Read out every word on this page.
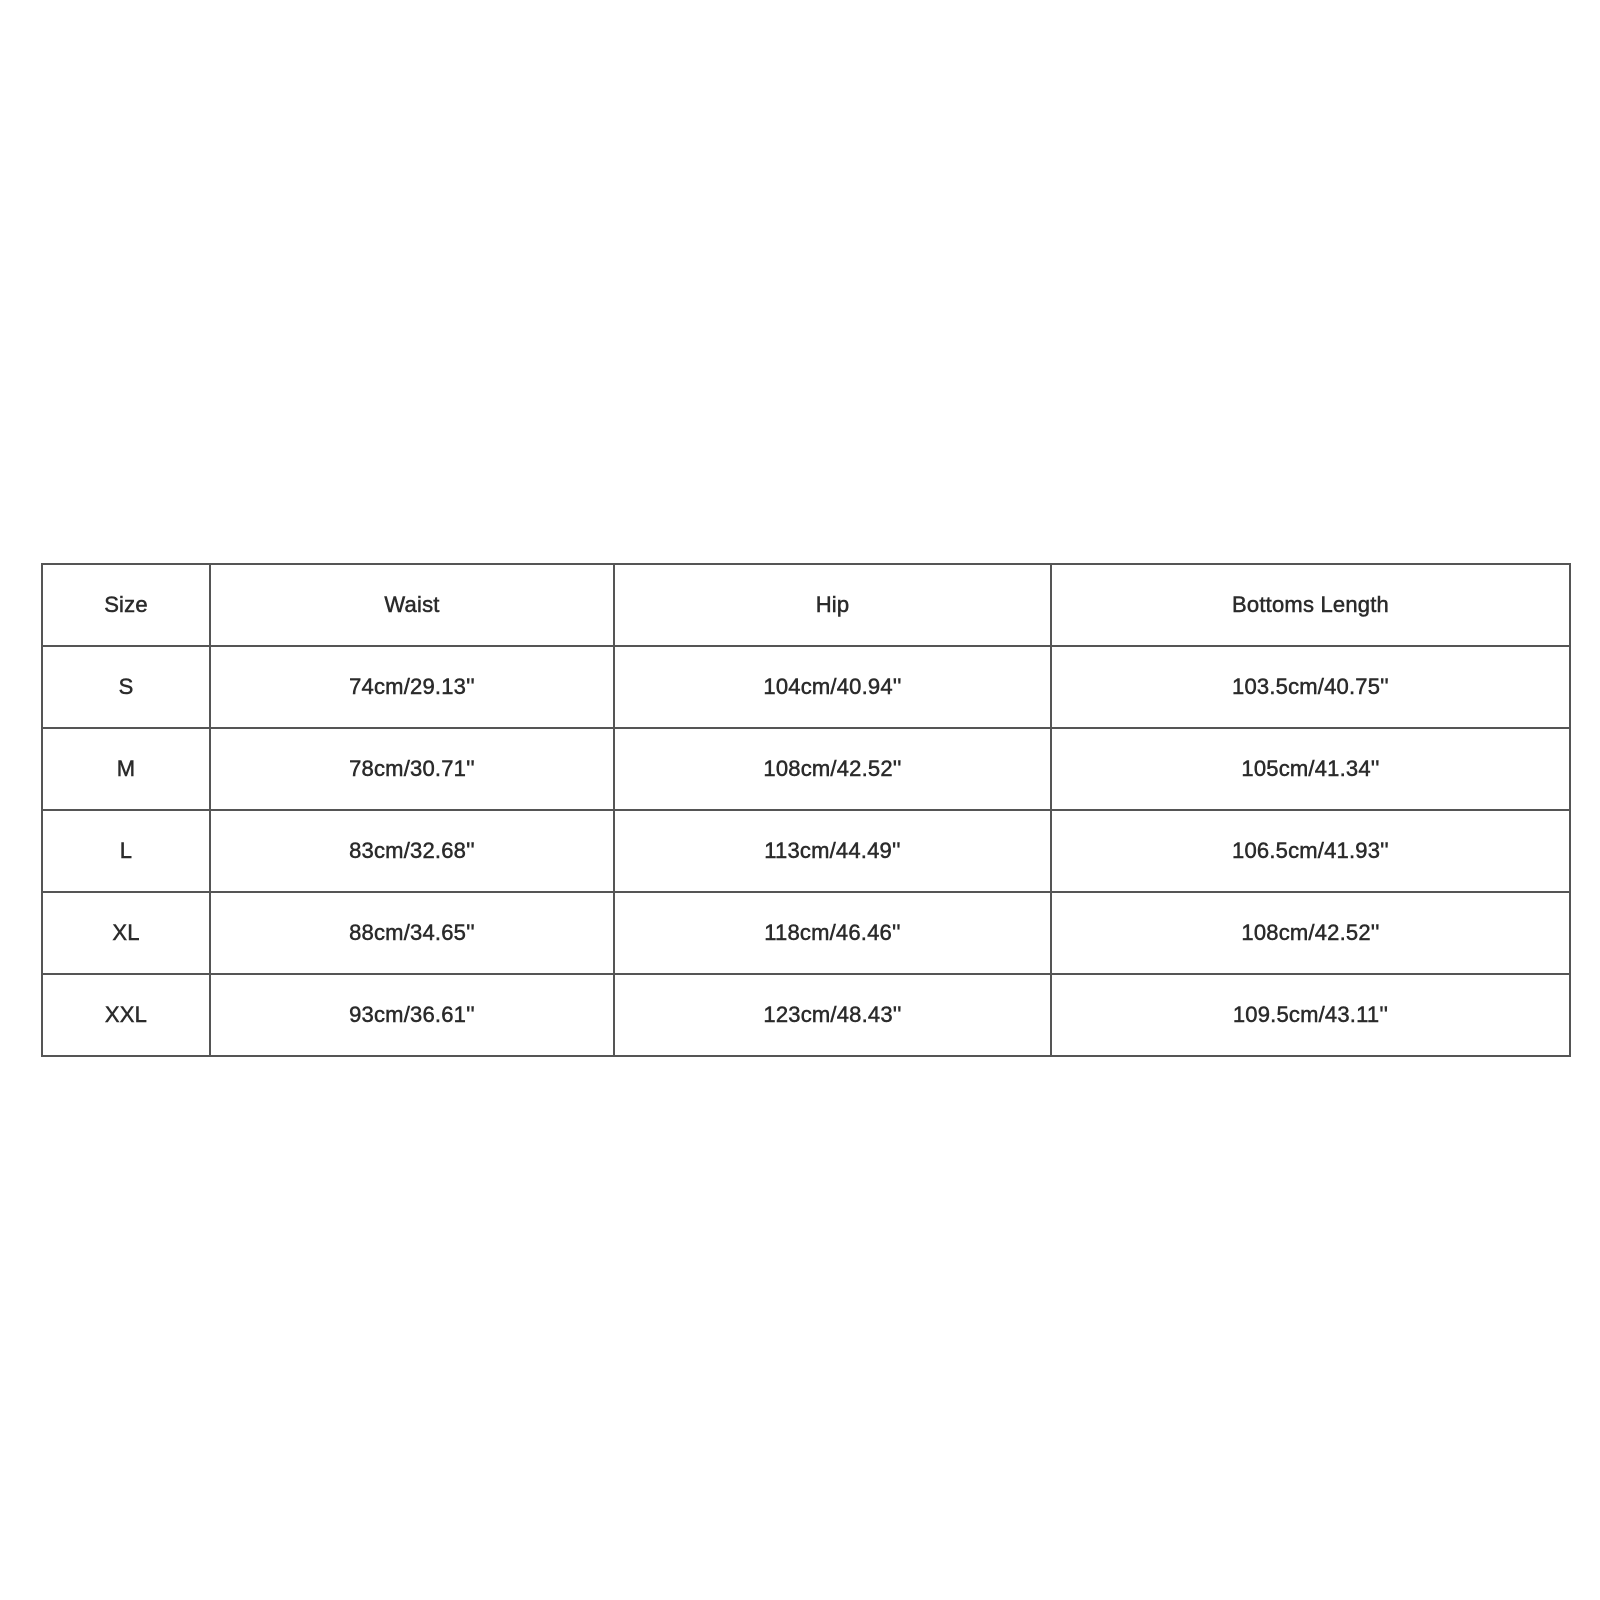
Size	Waist	Hip	Bottoms Length
S	74cm/29.13''	104cm/40.94''	103.5cm/40.75''
M	78cm/30.71''	108cm/42.52''	105cm/41.34''
L	83cm/32.68''	113cm/44.49''	106.5cm/41.93''
XL	88cm/34.65''	118cm/46.46''	108cm/42.52''
XXL	93cm/36.61''	123cm/48.43''	109.5cm/43.11''
